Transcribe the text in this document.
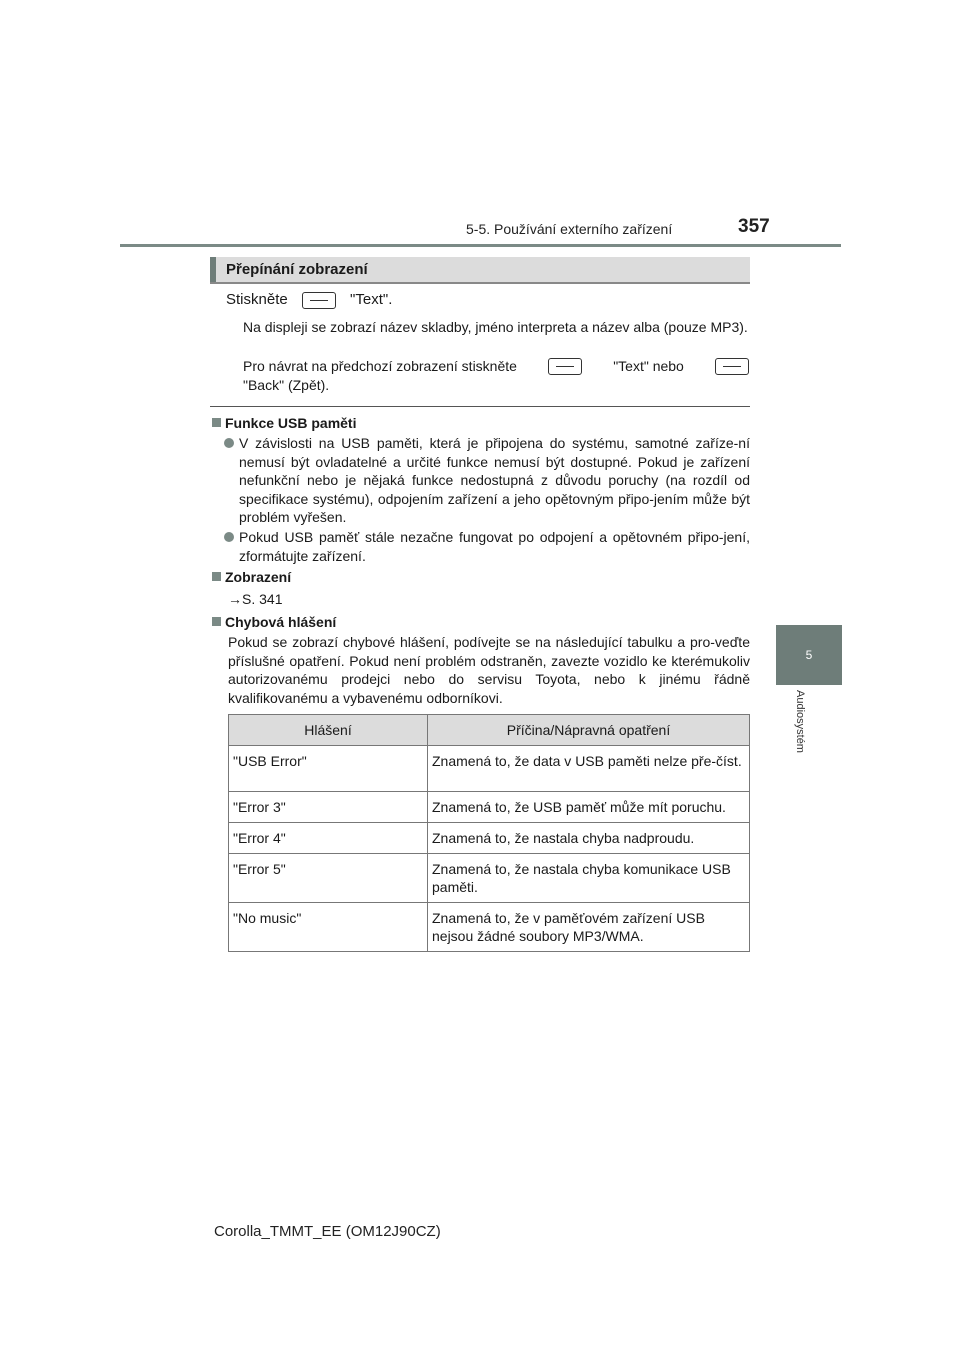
5-5. Používání externího zařízení	357
5
Audiosystém
Přepínání zobrazení
Stiskněte	"Text".
Na displeji se zobrazí název skladby, jméno interpreta a název alba (pouze MP3).
Pro návrat na předchozí zobrazení stiskněte	"Text" nebo
"Back" (Zpět).
Funkce USB paměti
V závislosti na USB paměti, která je připojena do systému, samotné zaříze-ní nemusí být ovladatelné a určité funkce nemusí být dostupné. Pokud je zařízení nefunkční nebo je nějaká funkce nedostupná z důvodu poruchy (na rozdíl od specifikace systému), odpojením zařízení a jeho opětovným připo-jením může být problém vyřešen.
Pokud USB paměť stále nezačne fungovat po odpojení a opětovném připo-jení, zformátujte zařízení.
Zobrazení
→S. 341
Chybová hlášení
Pokud se zobrazí chybové hlášení, podívejte se na následující tabulku a pro-veďte příslušné opatření. Pokud není problém odstraněn, zavezte vozidlo ke kterémukoliv autorizovanému prodejci nebo do servisu Toyota, nebo k jinému řádně kvalifikovanému a vybavenému odborníkovi.
Hlášení	Příčina/Nápravná opatření
"USB Error"	Znamená to, že data v USB paměti nelze pře-číst.
"Error 3"	Znamená to, že USB paměť může mít poruchu.
"Error 4"	Znamená to, že nastala chyba nadproudu.
"Error 5"	Znamená to, že nastala chyba komunikace USB paměti.
"No music"	Znamená to, že v paměťovém zařízení USB nejsou žádné soubory MP3/WMA.
Corolla_TMMT_EE (OM12J90CZ)
